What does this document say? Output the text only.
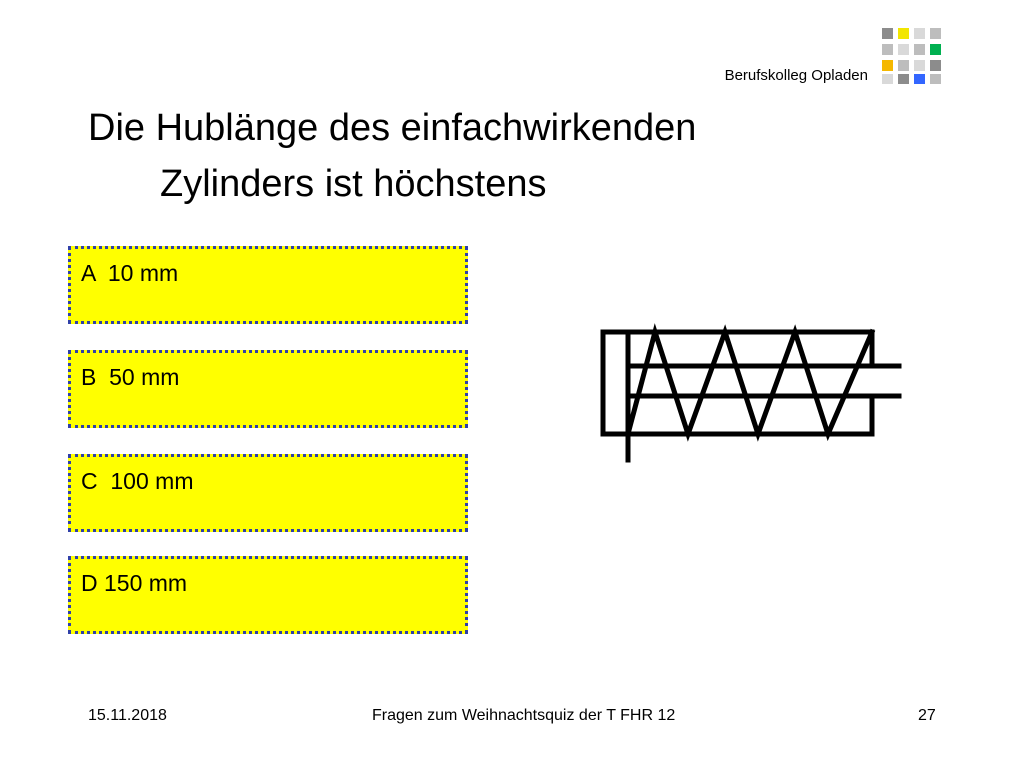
Berufskolleg Opladen
Die Hublänge des einfachwirkenden
Zylinders ist höchstens
A  10 mm
B  50 mm
C  100 mm
D 150 mm
15.11.2018	Fragen zum Weihnachtsquiz der T FHR 12	27
